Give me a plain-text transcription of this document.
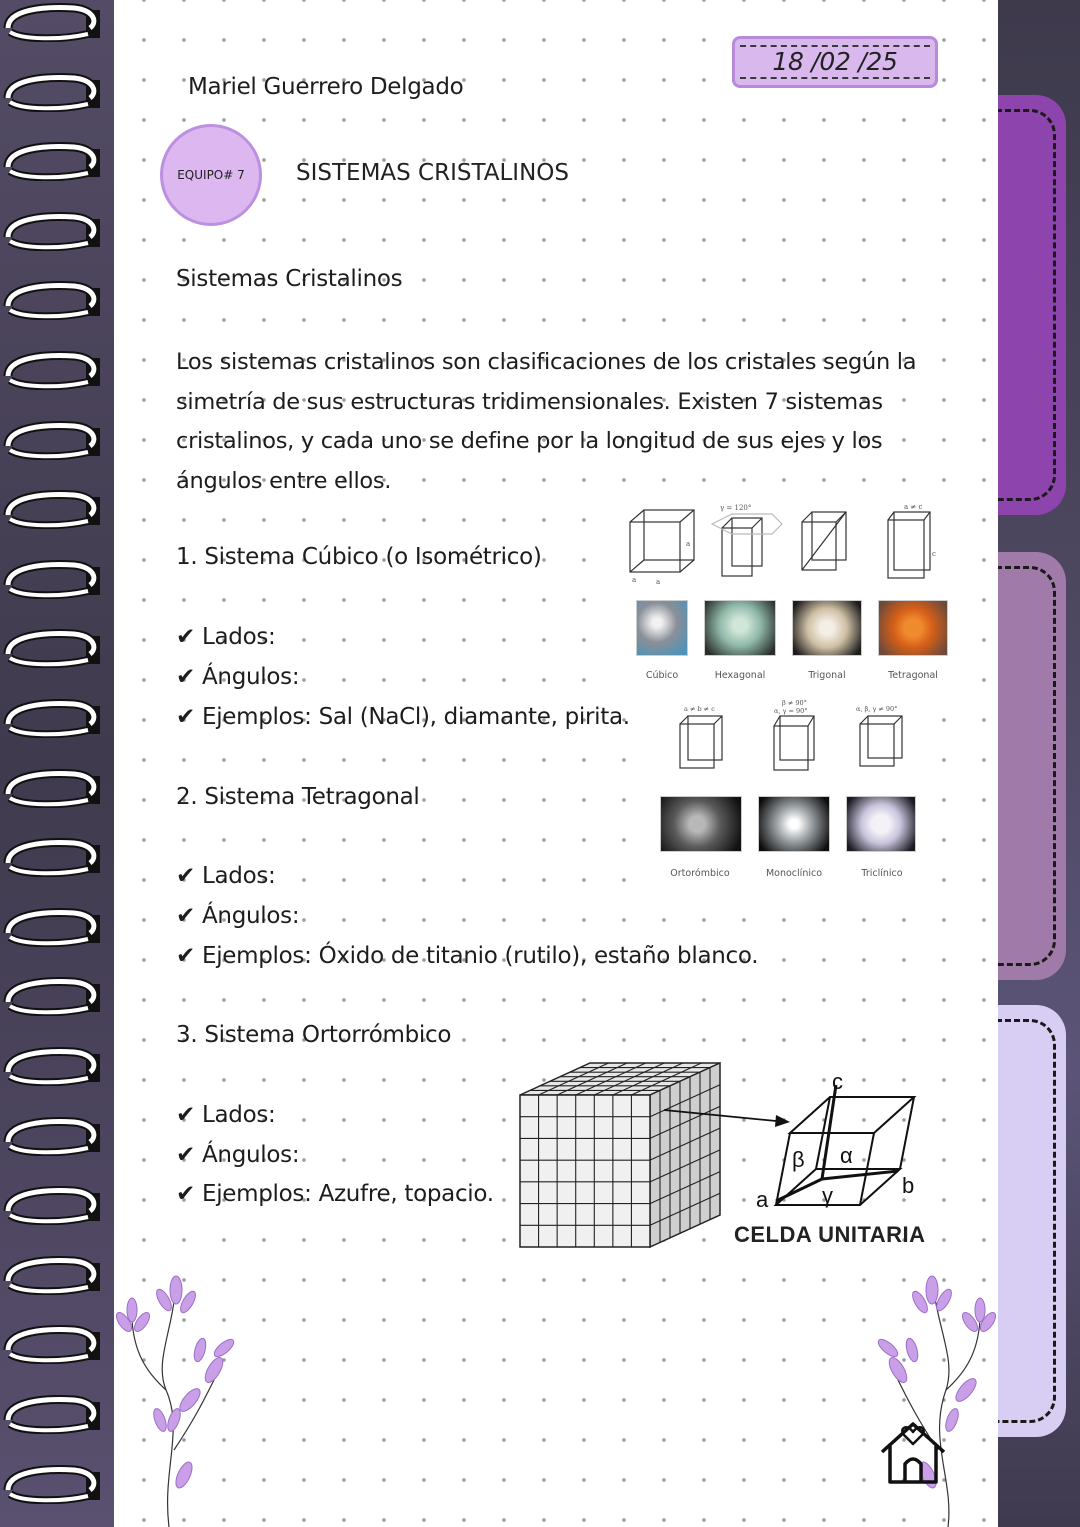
Mariel Guerrero Delgado
18 /02 /25
EQUIPO# 7 SISTEMAS CRISTALINOS
Sistemas Cristalinos
Los sistemas cristalinos son clasificaciones de los cristales según la simetría de sus estructuras tridimensionales. Existen 7 sistemas cristalinos, y cada uno se define por la longitud de sus ejes y los ángulos entre ellos.
1. Sistema Cúbico (o Isométrico)
✔ Lados:
✔ Ángulos:
✔ Ejemplos: Sal (NaCl), diamante, pirita.
2. Sistema Tetragonal
✔ Lados:
✔ Ángulos:
✔ Ejemplos: Óxido de titanio (rutilo), estaño blanco.
3. Sistema Ortorrómbico
✔ Lados:
✔ Ángulos:
✔ Ejemplos: Azufre, topacio.
a	a
a
γ = 120°	a ≠ c
c
Cúbico	Hexagonal	Trigonal	Tetragonal
a ≠ b ≠ c
β ≠ 90°
α, γ = 90°	α, β, γ ≠ 90°
Ortorómbico	Monoclínico	Triclínico
c
a
b
β α
γ
CELDA UNITARIA
